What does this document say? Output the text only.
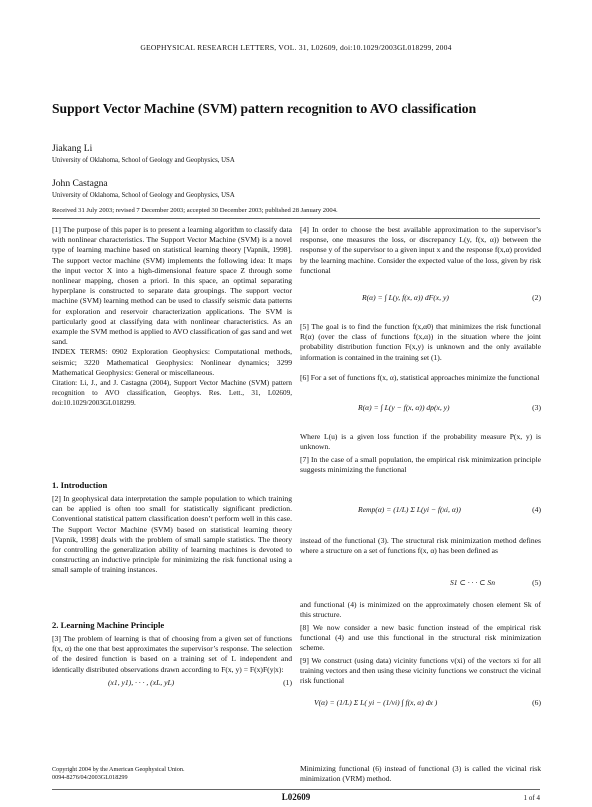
GEOPHYSICAL RESEARCH LETTERS, VOL. 31, L02609, doi:10.1029/2003GL018299, 2004
Support Vector Machine (SVM) pattern recognition to AVO classification
Jiakang Li
University of Oklahoma, School of Geology and Geophysics, USA
John Castagna
University of Oklahoma, School of Geology and Geophysics, USA
Received 31 July 2003; revised 7 December 2003; accepted 30 December 2003; published 28 January 2004.

[1] The purpose of this paper is to present a learning algorithm to classify data with nonlinear characteristics. The Support Vector Machine (SVM) is a novel type of learning machine based on statistical learning theory [Vapnik, 1998]. The support vector machine (SVM) implements the following idea: It maps the input vector X into a high-dimensional feature space Z through some nonlinear mapping, chosen a priori. In this space, an optimal separating hyperplane is constructed to separate data groupings. The support vector machine (SVM) learning method can be used to classify seismic data patterns for exploration and reservoir characterization applications. The SVM is particularly good at classifying data with nonlinear characteristics. As an example the SVM method is applied to AVO classification of gas sand and wet sand.

INDEX TERMS: 0902 Exploration Geophysics: Computational methods, seismic; 3220 Mathematical Geophysics: Nonlinear dynamics; 3299 Mathematical Geophysics: General or miscellaneous.

Citation: Li, J., and J. Castagna (2004), Support Vector Machine (SVM) pattern recognition to AVO classification, Geophys. Res. Lett., 31, L02609, doi:10.1029/2003GL018299.

1. Introduction
[2] In geophysical data interpretation the sample population to which training can be applied is often too small for statistically significant prediction. Conventional statistical pattern classification doesn’t perform well in this case. The Support Vector Machine (SVM) based on statistical learning theory [Vapnik, 1998] deals with the problem of small sample statistics. The theory for controlling the generalization ability of learning machines is devoted to constructing an inductive principle for minimizing the risk functional using a small sample of training instances.
2. Learning Machine Principle
[3] The problem of learning is that of choosing from a given set of functions f(x, α) the one that best approximates the supervisor’s response. The selection of the desired function is based on a training set of L independent and identically distributed observations drawn according to F(x, y) = F(x)F(y|x):
(x1, y1), · · · , (xL, yL)	(1)
Copyright 2004 by the American Geophysical Union.
0094-8276/04/2003GL018299
[4] In order to choose the best available approximation to the supervisor’s response, one measures the loss, or discrepancy L(y, f(x, α)) between the response y of the supervisor to a given input x and the response f(x,α) provided by the learning machine. Consider the expected value of the loss, given by risk functional
R(α) = ∫ L(y, f(x, α)) dF(x, y)	(2)
[5] The goal is to find the function f(x,α0) that minimizes the risk functional R(α) (over the class of functions f(x,α)) in the situation where the joint probability distribution function F(x,y) is unknown and the only available information is contained in the training set (1).
[6] For a set of functions f(x, α), statistical approaches minimize the functional
R(α) = ∫ L(y − f(x, α)) dp(x, y)	(3)
Where L(u) is a given loss function if the probability measure P(x, y) is unknown.
[7] In the case of a small population, the empirical risk minimization principle suggests minimizing the functional
Remp(α) = (1/L) Σ L(yi − f(xi, α))	(4)
instead of the functional (3). The structural risk minimization method defines where a structure on a set of functions f(x, α) has been defined as
S1 ⊂ · · · ⊂ Sn	(5)
and functional (4) is minimized on the approximately chosen element Sk of this structure.
[8] We now consider a new basic function instead of the empirical risk functional (4) and use this functional in the structural risk minimization scheme.
[9] We construct (using data) vicinity functions v(xi) of the vectors xi for all training vectors and then using these vicinity functions we construct the vicinal risk functional
V(α) = (1/L) Σ L( yi − (1/vi) ∫ f(x, α) dx )	(6)
Minimizing functional (6) instead of functional (3) is called the vicinal risk minimization (VRM) method.
L02609	1 of 4
